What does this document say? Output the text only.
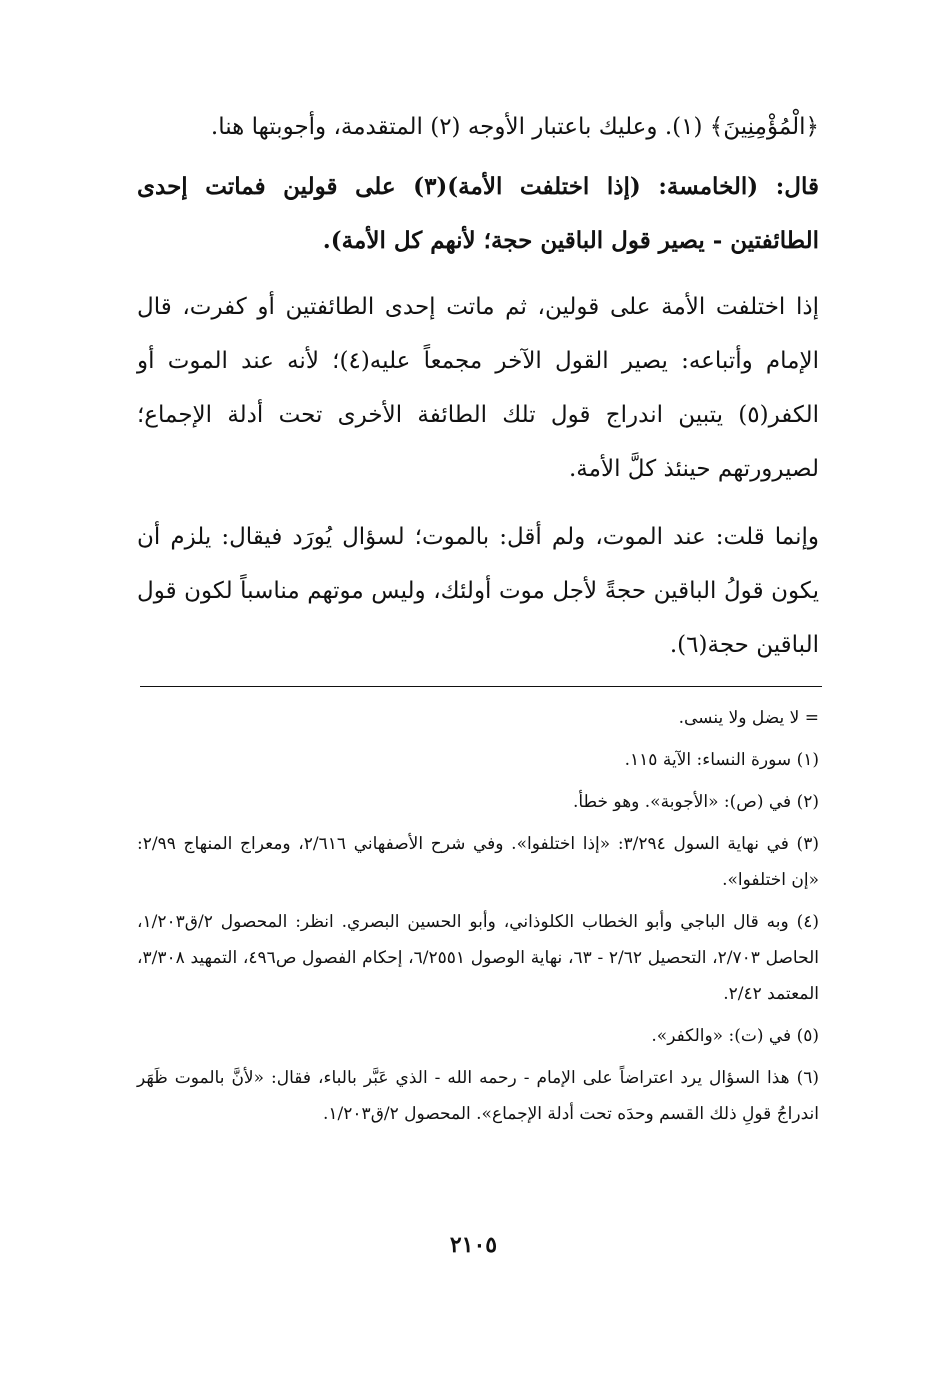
﴿الْمُؤْمِنِينَ﴾ (١). وعليك باعتبار الأوجه (٢) المتقدمة، وأجوبتها هنا.

قال: (الخامسة: (إذا اختلفت الأمة)(٣) على قولين فماتت إحدى الطائفتين - يصير قول الباقين حجة؛ لأنهم كل الأمة).

إذا اختلفت الأمة على قولين، ثم ماتت إحدى الطائفتين أو كفرت، قال الإمام وأتباعه: يصير القول الآخر مجمعاً عليه(٤)؛ لأنه عند الموت أو الكفر(٥) يتبين اندراج قول تلك الطائفة الأخرى تحت أدلة الإجماع؛ لصيرورتهم حينئذ كلَّ الأمة.

وإنما قلت: عند الموت، ولم أقل: بالموت؛ لسؤال يُورَد فيقال: يلزم أن يكون قولُ الباقين حجةً لأجل موت أولئك، وليس موتهم مناسباً لكون قول الباقين حجة(٦).

= لا يضل ولا ينسى.

(١) سورة النساء: الآية ١١٥.

(٢) في (ص): «الأجوبة». وهو خطأ.

(٣) في نهاية السول ٣/٢٩٤: «إذا اختلفوا». وفي شرح الأصفهاني ٢/٦١٦، ومعراج المنهاج ٢/٩٩: «إن اختلفوا».

(٤) وبه قال الباجي وأبو الخطاب الكلوذاني، وأبو الحسين البصري. انظر: المحصول ٢/ق١/٢٠٣، الحاصل ٢/٧٠٣، التحصيل ٢/٦٢ - ٦٣، نهاية الوصول ٦/٢٥٥١، إحكام الفصول ص٤٩٦، التمهيد ٣/٣٠٨، المعتمد ٢/٤٢.

(٥) في (ت): «والكفر».

(٦) هذا السؤال يرد اعتراضاً على الإمام - رحمه الله - الذي عَبَّر بالباء، فقال: «لأنَّ بالموت ظَهَر اندراجُ قولِ ذلك القسم وحدَه تحت أدلة الإجماع». المحصول ٢/ق١/٢٠٣.

٢١٠٥
